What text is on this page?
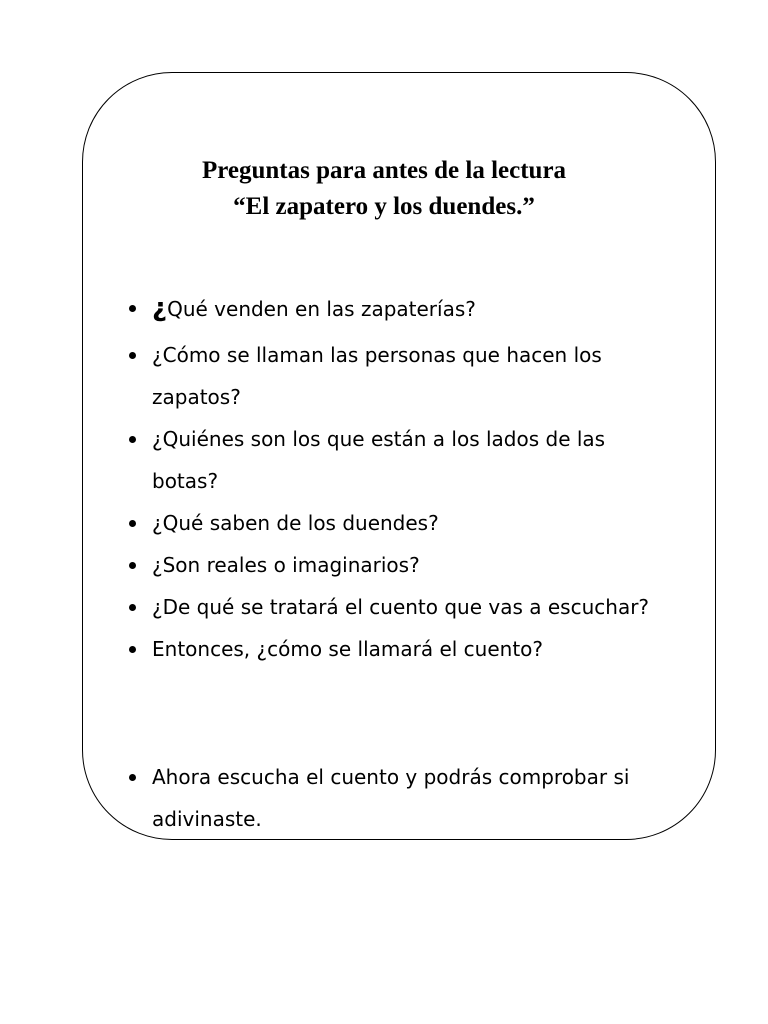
Preguntas para antes de la lectura
“El zapatero y los duendes.”
¿Qué venden en las zapaterías?
¿Cómo se llaman las personas que hacen los
zapatos?
¿Quiénes son los que están a los lados de las
botas?
¿Qué saben de los duendes?
¿Son reales o imaginarios?
¿De qué se tratará el cuento que vas a escuchar?
Entonces, ¿cómo se llamará el cuento?
Ahora escucha el cuento y podrás comprobar si
adivinaste.
